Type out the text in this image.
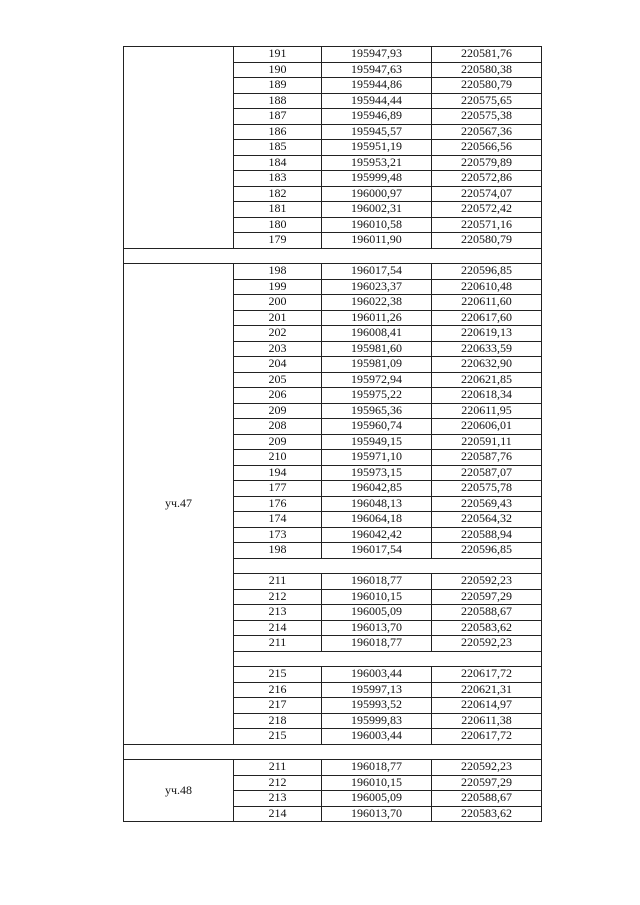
	191	195947,93	220581,76
	190	195947,63	220580,38
	189	195944,86	220580,79
	188	195944,44	220575,65
	187	195946,89	220575,38
	186	195945,57	220567,36
	185	195951,19	220566,56
	184	195953,21	220579,89
	183	195999,48	220572,86
	182	196000,97	220574,07
	181	196002,31	220572,42
	180	196010,58	220571,16
	179	196011,90	220580,79

уч.47	198	196017,54	220596,85
	199	196023,37	220610,48
	200	196022,38	220611,60
	201	196011,26	220617,60
	202	196008,41	220619,13
	203	195981,60	220633,59
	204	195981,09	220632,90
	205	195972,94	220621,85
	206	195975,22	220618,34
	209	195965,36	220611,95
	208	195960,74	220606,01
	209	195949,15	220591,11
	210	195971,10	220587,76
	194	195973,15	220587,07
	177	196042,85	220575,78
	176	196048,13	220569,43
	174	196064,18	220564,32
	173	196042,42	220588,94
	198	196017,54	220596,85

	211	196018,77	220592,23
	212	196010,15	220597,29
	213	196005,09	220588,67
	214	196013,70	220583,62
	211	196018,77	220592,23

	215	196003,44	220617,72
	216	195997,13	220621,31
	217	195993,52	220614,97
	218	195999,83	220611,38
	215	196003,44	220617,72

уч.48	211	196018,77	220592,23
	212	196010,15	220597,29
	213	196005,09	220588,67
	214	196013,70	220583,62
